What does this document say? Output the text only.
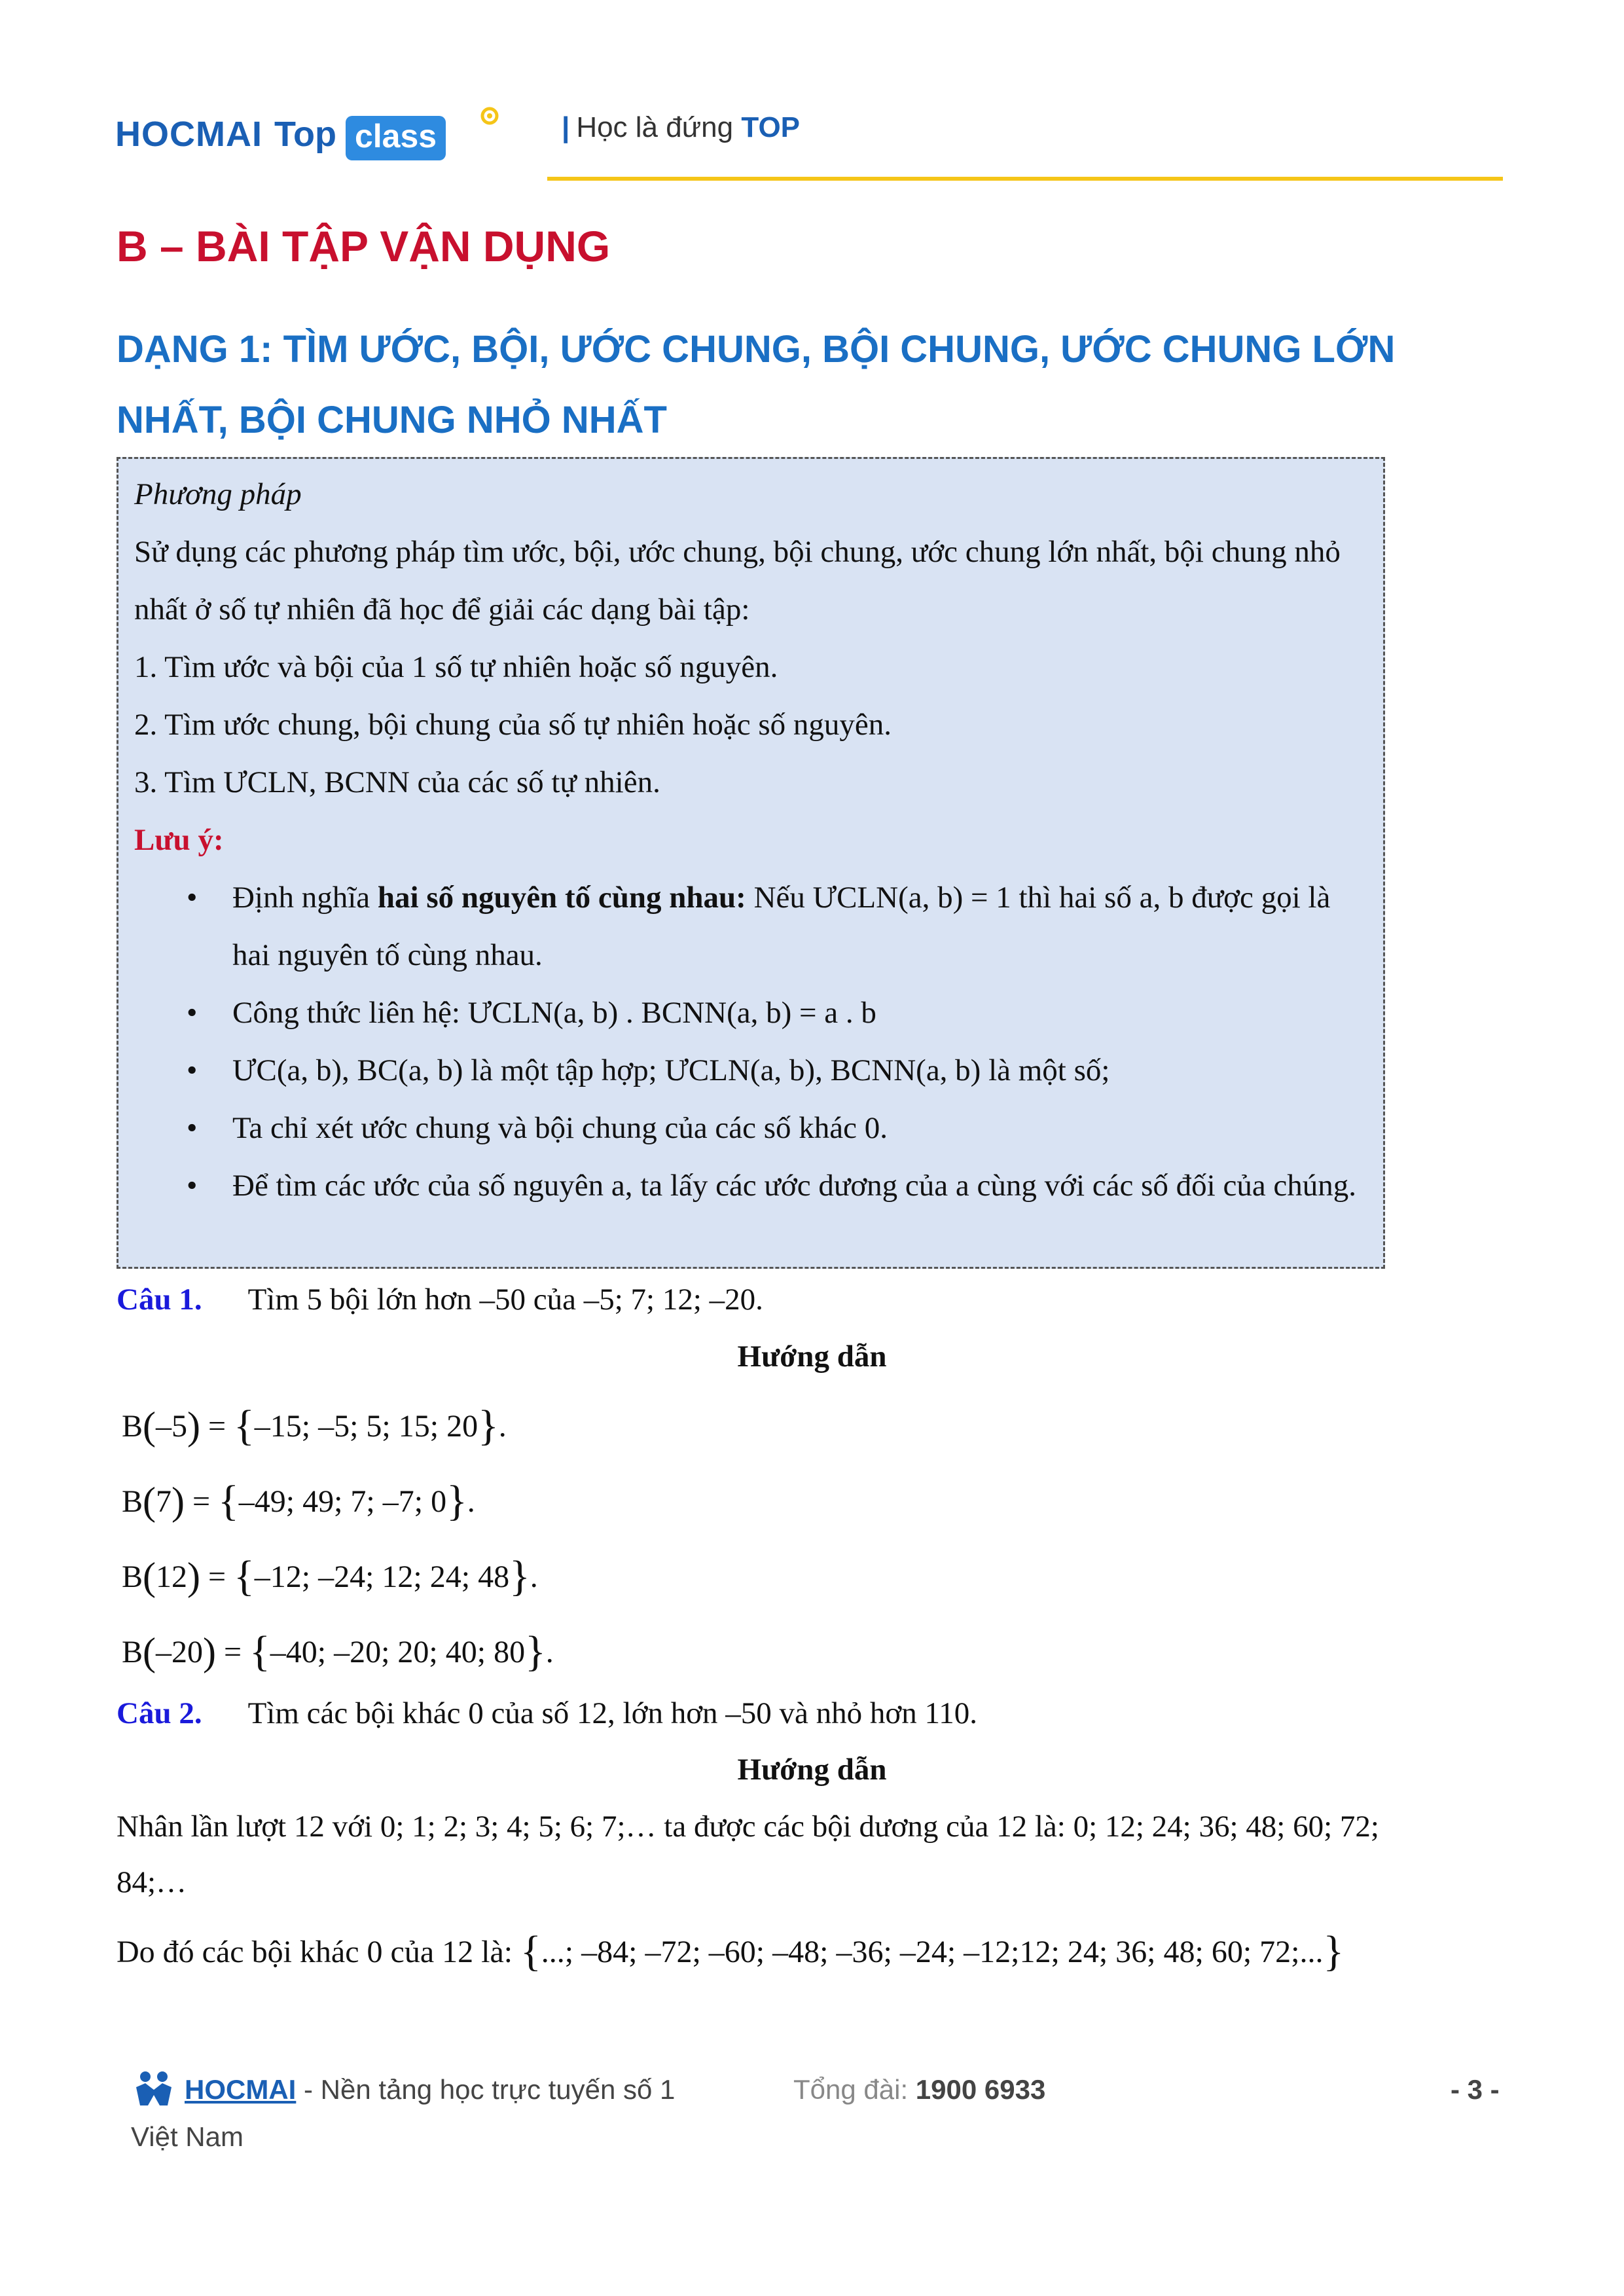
HOCMAI Top class	| Học là đứng TOP
B – BÀI TẬP VẬN DỤNG
DẠNG 1: TÌM ƯỚC, BỘI, ƯỚC CHUNG, BỘI CHUNG, ƯỚC CHUNG LỚN NHẤT, BỘI CHUNG NHỎ NHẤT

Phương pháp

Sử dụng các phương pháp tìm ước, bội, ước chung, bội chung, ước chung lớn nhất, bội chung nhỏ nhất ở số tự nhiên đã học để giải các dạng bài tập:

1. Tìm ước và bội của 1 số tự nhiên hoặc số nguyên.

2. Tìm ước chung, bội chung của số tự nhiên hoặc số nguyên.

3. Tìm ƯCLN, BCNN của các số tự nhiên.

Lưu ý:

• Định nghĩa hai số nguyên tố cùng nhau: Nếu ƯCLN(a, b) = 1 thì hai số a, b được gọi là hai nguyên tố cùng nhau.
• Công thức liên hệ: ƯCLN(a, b) . BCNN(a, b) = a . b
• ƯC(a, b), BC(a, b) là một tập hợp; ƯCLN(a, b), BCNN(a, b) là một số;
• Ta chỉ xét ước chung và bội chung của các số khác 0.
• Để tìm các ước của số nguyên a, ta lấy các ước dương của a cùng với các số đối của chúng.
Câu 1. Tìm 5 bội lớn hơn –50 của –5; 7; 12; –20.
Hướng dẫn
B(–5) = {–15; –5; 5; 15; 20}.
B(7) = {–49; 49; 7; –7; 0}.
B(12) = {–12; –24; 12; 24; 48}.
B(–20) = {–40; –20; 20; 40; 80}.
Câu 2. Tìm các bội khác 0 của số 12, lớn hơn –50 và nhỏ hơn 110.
Hướng dẫn
Nhân lần lượt 12 với 0; 1; 2; 3; 4; 5; 6; 7;… ta được các bội dương của 12 là: 0; 12; 24; 36; 48; 60; 72;
84;…
Do đó các bội khác 0 của 12 là: {...; –84; –72; –60; –48; –36; –24; –12;12; 24; 36; 48; 60; 72;...}
HOCMAI - Nền tảng học trực tuyến số 1	Tổng đài: 1900 6933	- 3 -
Việt Nam
